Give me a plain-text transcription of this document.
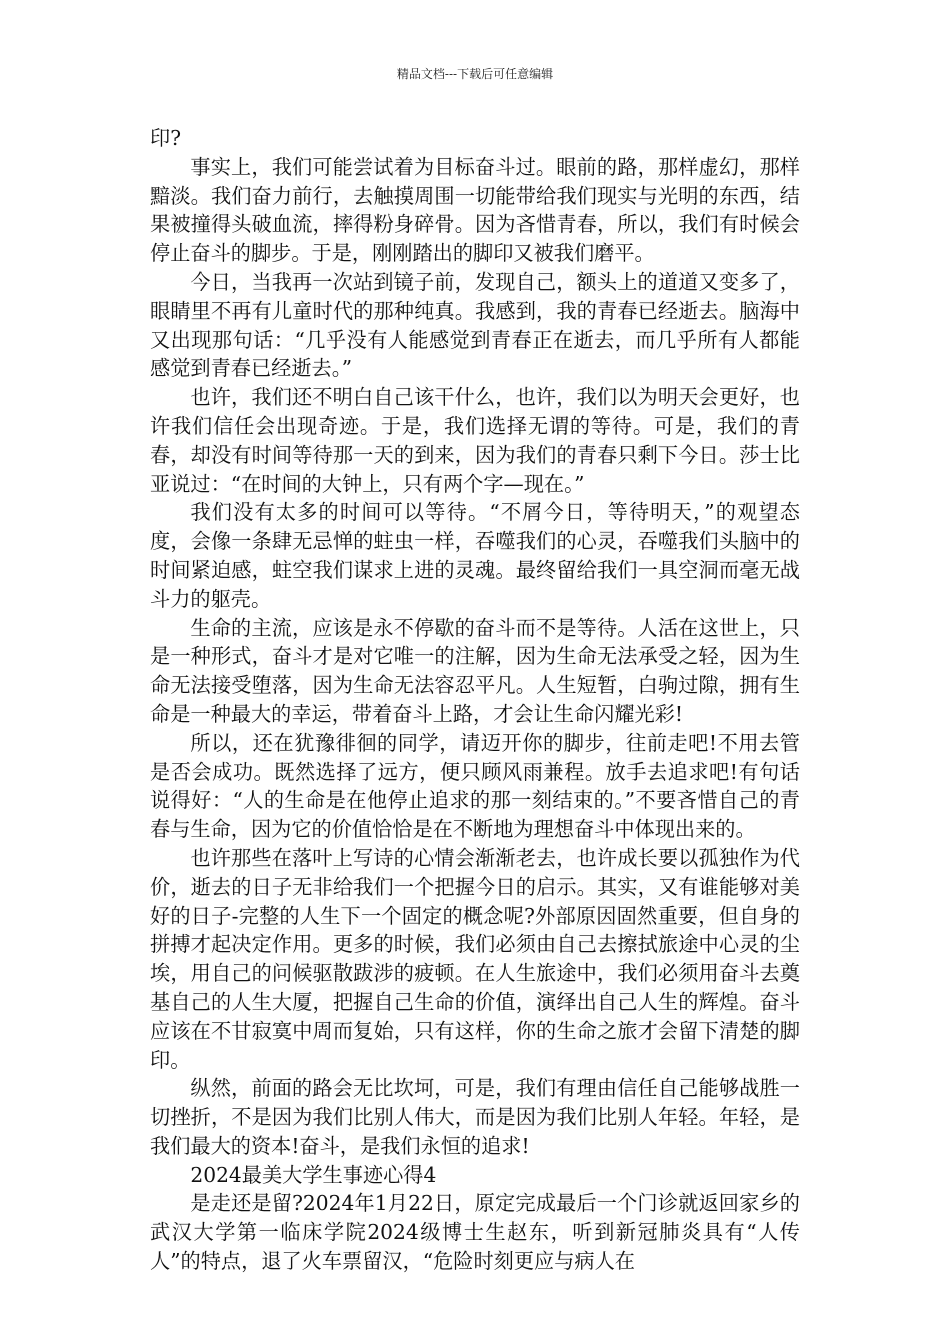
精品文档---下载后可任意编辑

印?

事实上，我们可能尝试着为目标奋斗过。眼前的路，那样虚幻，那样黯淡。我们奋力前行，去触摸周围一切能带给我们现实与光明的东西，结果被撞得头破血流，摔得粉身碎骨。因为吝惜青春，所以，我们有时候会停止奋斗的脚步。于是，刚刚踏出的脚印又被我们磨平。

今日，当我再一次站到镜子前，发现自己，额头上的道道又变多了，眼睛里不再有儿童时代的那种纯真。我感到，我的青春已经逝去。脑海中又出现那句话：“几乎没有人能感觉到青春正在逝去，而几乎所有人都能感觉到青春已经逝去。”

也许，我们还不明白自己该干什么，也许，我们以为明天会更好，也许我们信任会出现奇迹。于是，我们选择无谓的等待。可是，我们的青春，却没有时间等待那一天的到来，因为我们的青春只剩下今日。莎士比亚说过：“在时间的大钟上，只有两个字—现在。”

我们没有太多的时间可以等待。“不屑今日，等待明天，”的观望态度，会像一条肆无忌惮的蛀虫一样，吞噬我们的心灵，吞噬我们头脑中的时间紧迫感，蛀空我们谋求上进的灵魂。最终留给我们一具空洞而毫无战斗力的躯壳。

生命的主流，应该是永不停歇的奋斗而不是等待。人活在这世上，只是一种形式，奋斗才是对它唯一的注解，因为生命无法承受之轻，因为生命无法接受堕落，因为生命无法容忍平凡。人生短暂，白驹过隙，拥有生命是一种最大的幸运，带着奋斗上路，才会让生命闪耀光彩!

所以，还在犹豫徘徊的同学，请迈开你的脚步，往前走吧!不用去管是否会成功。既然选择了远方，便只顾风雨兼程。放手去追求吧!有句话说得好：“人的生命是在他停止追求的那一刻结束的。”不要吝惜自己的青春与生命，因为它的价值恰恰是在不断地为理想奋斗中体现出来的。

也许那些在落叶上写诗的心情会渐渐老去，也许成长要以孤独作为代价，逝去的日子无非给我们一个把握今日的启示。其实，又有谁能够对美好的日子-完整的人生下一个固定的概念呢?外部原因固然重要，但自身的拼搏才起决定作用。更多的时候，我们必须由自己去擦拭旅途中心灵的尘埃，用自己的问候驱散跋涉的疲顿。在人生旅途中，我们必须用奋斗去奠基自己的人生大厦，把握自己生命的价值，演绎出自己人生的辉煌。奋斗应该在不甘寂寞中周而复始，只有这样，你的生命之旅才会留下清楚的脚印。

纵然，前面的路会无比坎坷，可是，我们有理由信任自己能够战胜一切挫折，不是因为我们比别人伟大，而是因为我们比别人年轻。年轻，是我们最大的资本!奋斗，是我们永恒的追求!

2024最美大学生事迹心得4

是走还是留?2024年1月22日，原定完成最后一个门诊就返回家乡的武汉大学第一临床学院2024级博士生赵东，听到新冠肺炎具有“人传人”的特点，退了火车票留汉，“危险时刻更应与病人在
